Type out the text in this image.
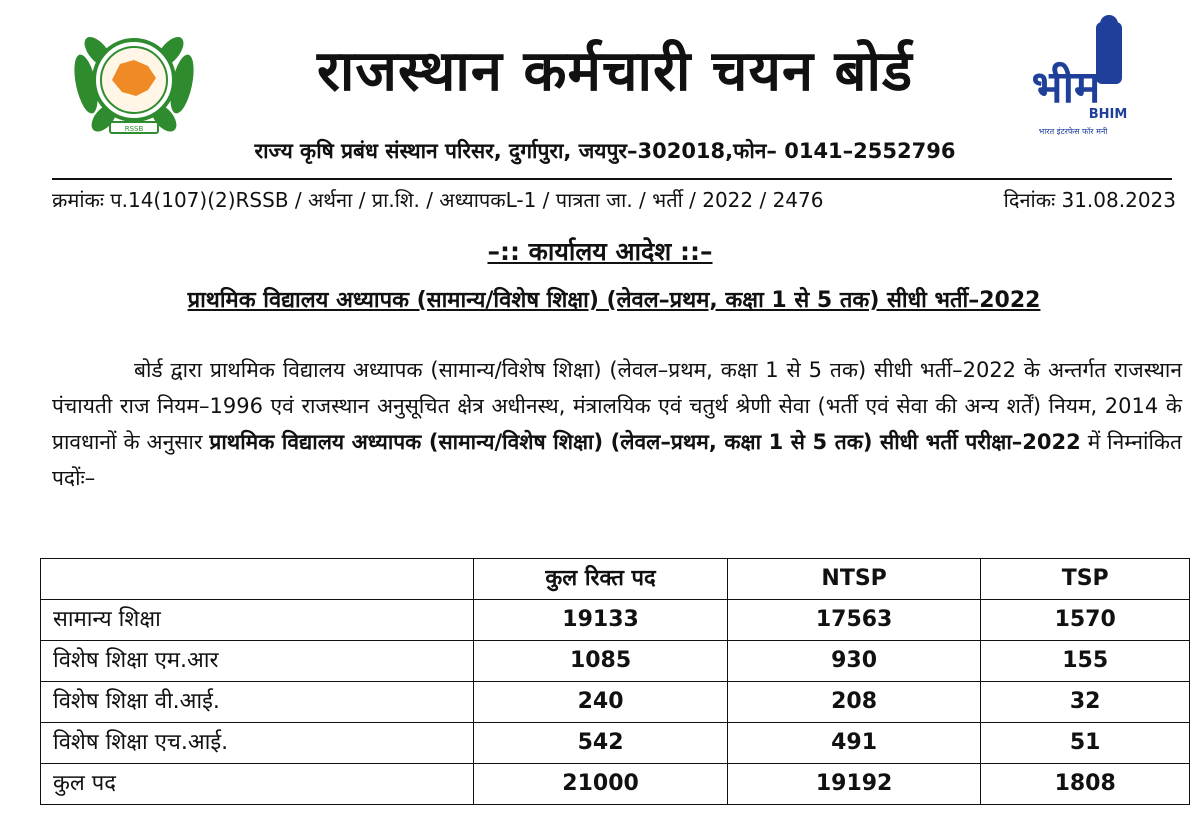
RSSB
भीम
BHIM
भारत इंटरफेस फॉर मनी
राजस्थान कर्मचारी चयन बोर्ड
राज्य कृषि प्रबंध संस्थान परिसर, दुर्गापुरा, जयपुर–302018,फोन– 0141–2552796
क्रमांकः प.14(107)(2)RSSB / अर्थना / प्रा.शि. / अध्यापकL-1 / पात्रता जा. / भर्ती / 2022 / 2476	दिनांकः 31.08.2023
–:: कार्यालय आदेश ::–
प्राथमिक विद्यालय अध्यापक (सामान्य/विशेष शिक्षा) (लेवल–प्रथम, कक्षा 1 से 5 तक) सीधी भर्ती–2022
बोर्ड द्वारा प्राथमिक विद्यालय अध्यापक (सामान्य/विशेष शिक्षा) (लेवल–प्रथम, कक्षा 1 से 5 तक) सीधी भर्ती–2022 के अन्तर्गत राजस्थान पंचायती राज नियम–1996 एवं राजस्थान अनुसूचित क्षेत्र अधीनस्थ, मंत्रालयिक एवं चतुर्थ श्रेणी सेवा (भर्ती एवं सेवा की अन्य शर्तें) नियम, 2014 के प्रावधानों के अनुसार प्राथमिक विद्यालय अध्यापक (सामान्य/विशेष शिक्षा) (लेवल–प्रथम, कक्षा 1 से 5 तक) सीधी भर्ती परीक्षा–2022 में निम्नांकित पदोंः–
	कुल रिक्त पद	NTSP	TSP
सामान्य शिक्षा	19133	17563	1570
विशेष शिक्षा एम.आर	1085	930	155
विशेष शिक्षा वी.आई.	240	208	32
विशेष शिक्षा एच.आई.	542	491	51
कुल पद	21000	19192	1808
